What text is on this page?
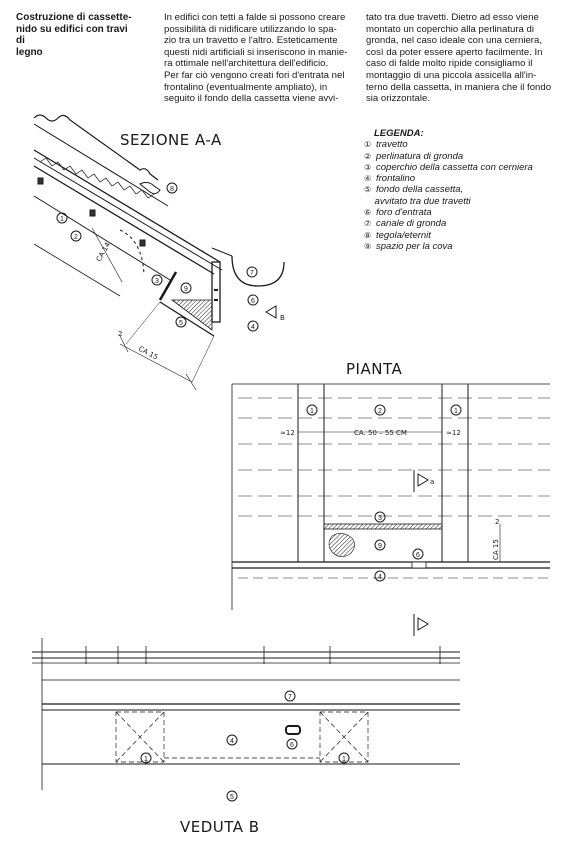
Costruzione di cassette-
nido su edifici con travi di
legno
In edifici con tetti a falde si possono creare
possibilità di nidificare utilizzando lo spa-
zio tra un travetto e l'altro. Esteticamente
questi nidi artificiali si inseriscono in manie-
ra ottimale nell'architettura dell'edificio.
Per far ciò vengono creati fori d'entrata nel
frontalino (eventualmente ampliato), in
seguito il fondo della cassetta viene avvi-
tato tra due travetti. Dietro ad esso viene
montato un coperchio alla perlinatura di
gronda, nel caso ideale con una cerniera,
così da poter essere aperto facilmente. In
caso di falde molto ripide consigliamo il
montaggio di una piccola assicella all'in-
terno della cassetta, in maniera che il fondo
sia orizzontale.
LEGENDA:
① travetto
② perlinatura di gronda
③ coperchio della cassetta con cerniera
④ frontalino
⑤ fondo della cassetta,
avvitato tra due travetti
⑥ foro d'entrata
⑦ canale di gronda
⑧ tegola/eternit
⑨ spazio per la cova
SEZIONE A-A
CA 14
CA 15
2
B
1
2
3
4
5
6
7
8
9
PIANTA
≈12	CA. 50 – 55 CM	≈12
2
CA 15
a
1	2	1
3
9
6
4
VEDUTA B
7
4
6
1	1
5
